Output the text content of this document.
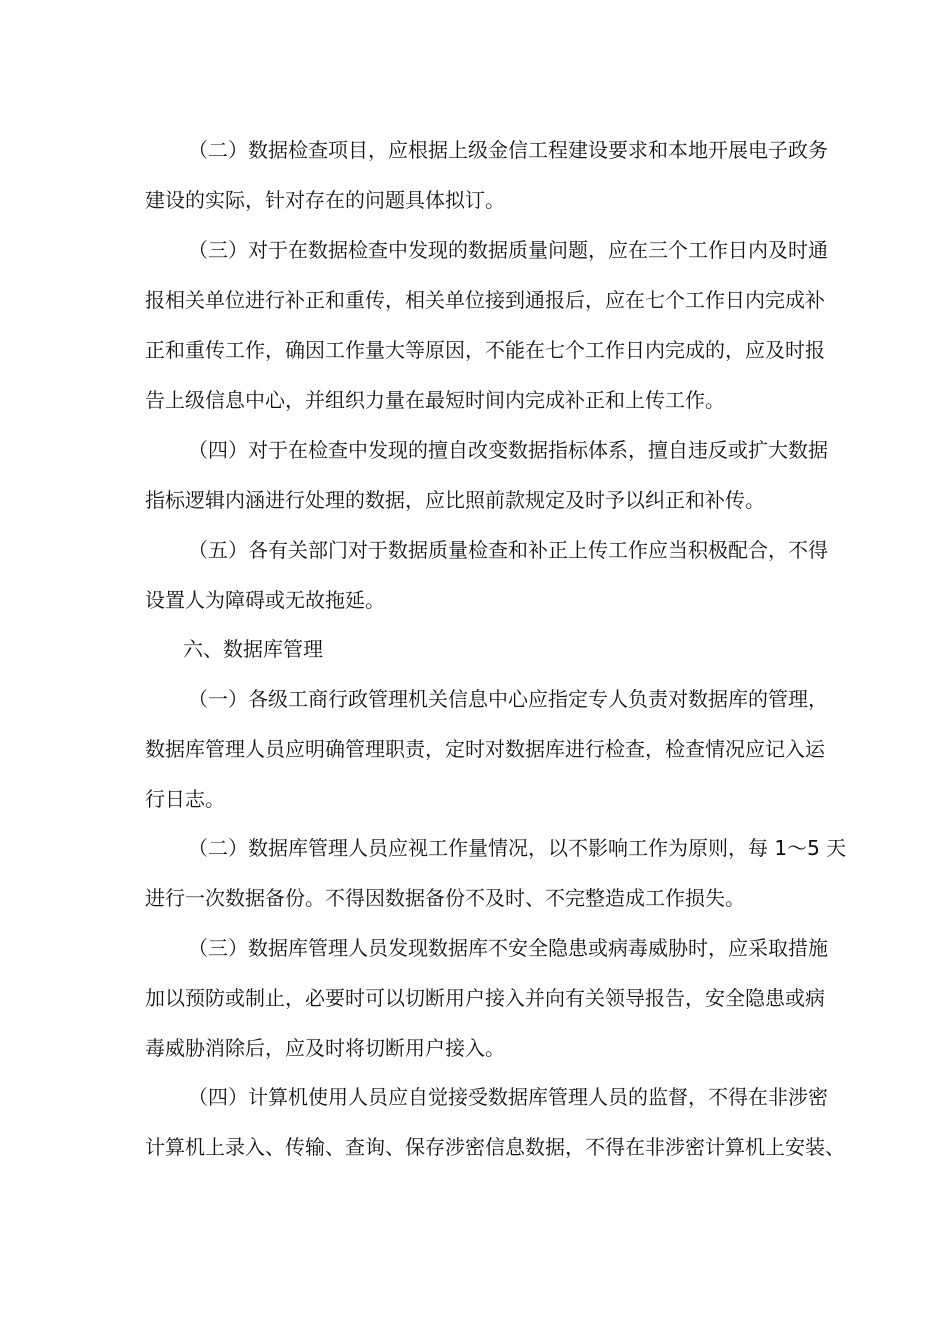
（二）数据检查项目，应根据上级金信工程建设要求和本地开展电子政务
建设的实际，针对存在的问题具体拟订。
（三）对于在数据检查中发现的数据质量问题，应在三个工作日内及时通
报相关单位进行补正和重传，相关单位接到通报后，应在七个工作日内完成补
正和重传工作，确因工作量大等原因，不能在七个工作日内完成的，应及时报
告上级信息中心，并组织力量在最短时间内完成补正和上传工作。
（四）对于在检查中发现的擅自改变数据指标体系，擅自违反或扩大数据
指标逻辑内涵进行处理的数据，应比照前款规定及时予以纠正和补传。
（五）各有关部门对于数据质量检查和补正上传工作应当积极配合，不得
设置人为障碍或无故拖延。
六、数据库管理
（一）各级工商行政管理机关信息中心应指定专人负责对数据库的管理，
数据库管理人员应明确管理职责，定时对数据库进行检查，检查情况应记入运
行日志。
（二）数据库管理人员应视工作量情况，以不影响工作为原则，每 1～5 天
进行一次数据备份。不得因数据备份不及时、不完整造成工作损失。
（三）数据库管理人员发现数据库不安全隐患或病毒威胁时，应采取措施
加以预防或制止，必要时可以切断用户接入并向有关领导报告，安全隐患或病
毒威胁消除后，应及时将切断用户接入。
（四）计算机使用人员应自觉接受数据库管理人员的监督，不得在非涉密
计算机上录入、传输、查询、保存涉密信息数据，不得在非涉密计算机上安装、
